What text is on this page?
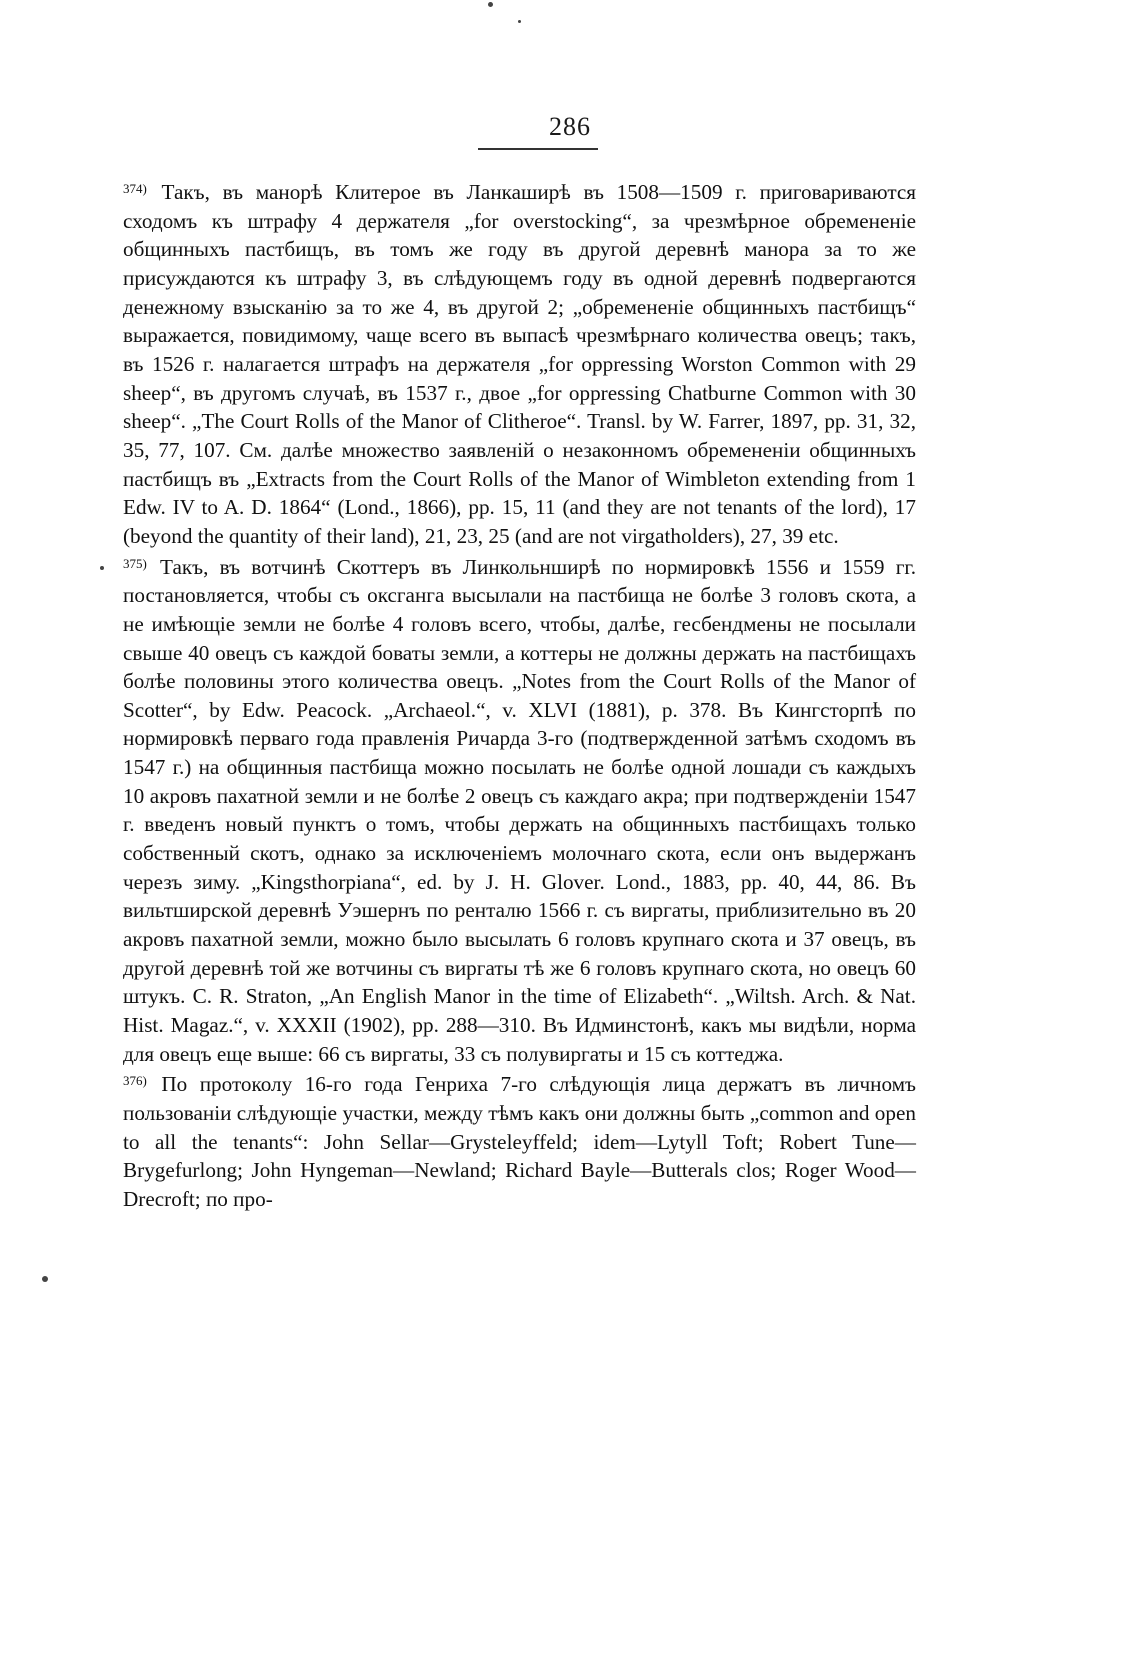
286

$^{374)}$ Такъ, въ манорѣ Клитерое въ Ланкаширѣ въ 1508—1509 г. приговариваются сходомъ къ штрафу 4 держателя „for overstocking“, за чрезмѣрное обремененіе общинныхъ пастбищъ, въ томъ же году въ другой деревнѣ манора за то же присуждаются къ штрафу 3, въ слѣдующемъ году въ одной деревнѣ подвергаются денежному взысканію за то же 4, въ другой 2; „обремененіе общинныхъ пастбищъ“ выражается, повидимому, чаще всего въ выпасѣ чрезмѣрнаго количества овецъ; такъ, въ 1526 г. налагается штрафъ на держателя „for oppressing Worston Common with 29 sheep“, въ другомъ случаѣ, въ 1537 г., двое „for oppressing Chatburne Common with 30 sheep“. „The Court Rolls of the Manor of Clitheroe“. Transl. by W. Farrer, 1897, pp. 31, 32, 35, 77, 107. См. далѣе множество заявленій о незаконномъ обремененіи общинныхъ пастбищъ въ „Extracts from the Court Rolls of the Manor of Wimbleton extending from 1 Edw. IV to A. D. 1864“ (Lond., 1866), pp. 15, 11 (and they are not tenants of the lord), 17 (beyond the quantity of their land), 21, 23, 25 (and are not virgatholders), 27, 39 etc.

$^{375)}$ Такъ, въ вотчинѣ Скоттеръ въ Линкольнширѣ по нормировкѣ 1556 и 1559 гг. постановляется, чтобы съ оксганга высылали на пастбища не болѣе 3 головъ скота, а не имѣющіе земли не болѣе 4 головъ всего, чтобы, далѣе, гесбендмены не посылали свыше 40 овецъ съ каждой боваты земли, а коттеры не должны держать на пастбищахъ болѣе половины этого количества овецъ. „Notes from the Court Rolls of the Manor of Scotter“, by Edw. Peacock. „Archaeol.“, v. XLVI (1881), p. 378. Въ Кингсторпѣ по нормировкѣ перваго года правленія Ричарда 3-го (подтвержденной затѣмъ сходомъ въ 1547 г.) на общинныя пастбища можно посылать не болѣе одной лошади съ каждыхъ 10 акровъ пахатной земли и не болѣе 2 овецъ съ каждаго акра; при подтвержденіи 1547 г. введенъ новый пунктъ о томъ, чтобы держать на общинныхъ пастбищахъ только собственный скотъ, однако за исключеніемъ молочнаго скота, если онъ выдержанъ черезъ зиму. „Kingsthorpiana“, ed. by J. H. Glover. Lond., 1883, pp. 40, 44, 86. Въ вильтширской деревнѣ Уэшернъ по ренталю 1566 г. съ виргаты, приблизительно въ 20 акровъ пахатной земли, можно было высылать 6 головъ крупнаго скота и 37 овецъ, въ другой деревнѣ той же вотчины съ виргаты тѣ же 6 головъ крупнаго скота, но овецъ 60 штукъ. C. R. Straton, „An English Manor in the time of Elizabeth“. „Wiltsh. Arch. & Nat. Hist. Magaz.“, v. XXXII (1902), pp. 288—310. Въ Идминстонѣ, какъ мы видѣли, норма для овецъ еще выше: 66 съ виргаты, 33 съ полувиргаты и 15 съ коттеджа.

$^{376)}$ По протоколу 16-го года Генриха 7-го слѣдующія лица держатъ въ личномъ пользованіи слѣдующіе участки, между тѣмъ какъ они должны быть „common and open to all the tenants“: John Sellar—Grysteleyffeld; idem—Lytyll Toft; Robert Tune—Brygefurlong; John Hyngeman—Newland; Richard Bayle—Butterals clos; Roger Wood—Drecroft; по про-
